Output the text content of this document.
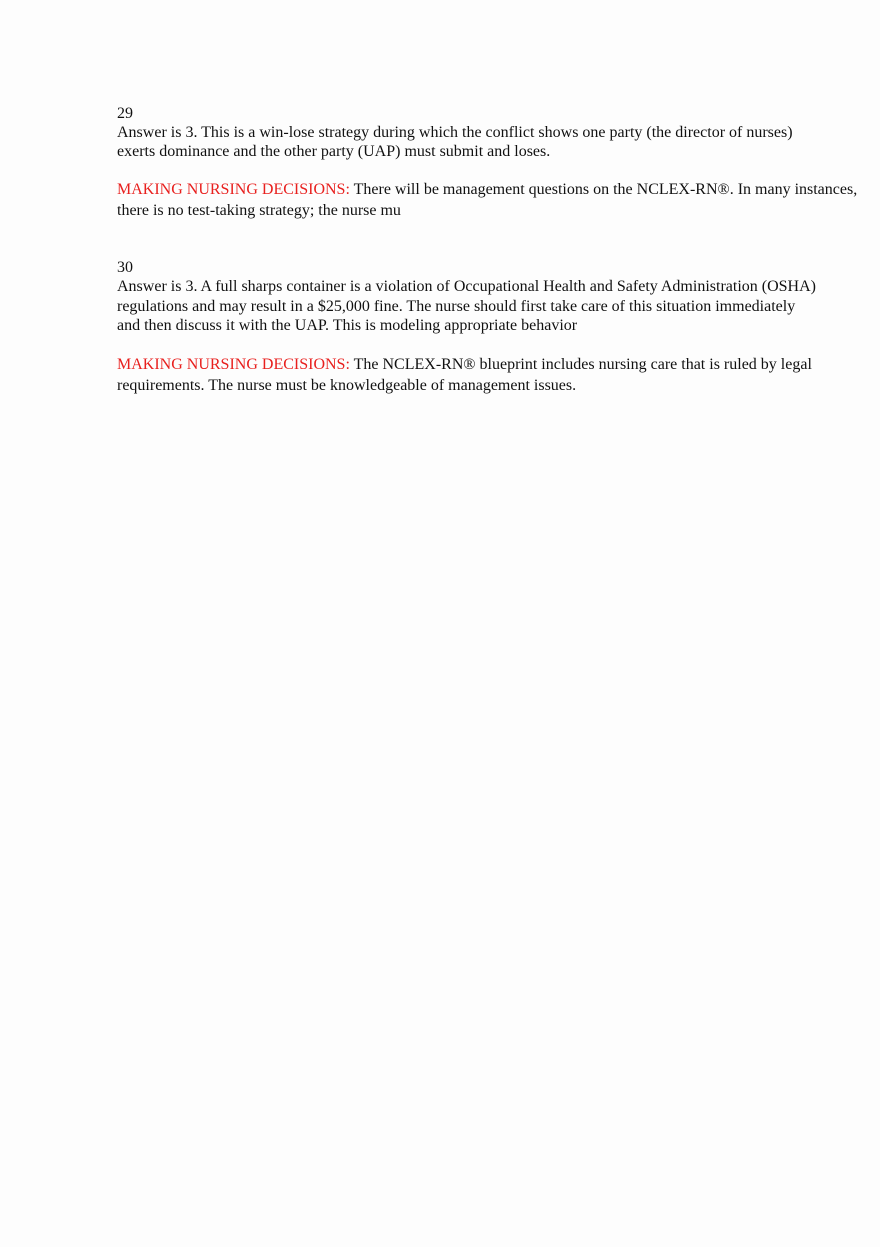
29
Answer is 3. This is a win-lose strategy during which the conflict shows one party (the director of nurses)
exerts dominance and the other party (UAP) must submit and loses.
MAKING NURSING DECISIONS: There will be management questions on the NCLEX-RN®. In many instances,
there is no test-taking strategy; the nurse mu
30
Answer is 3. A full sharps container is a violation of Occupational Health and Safety Administration (OSHA)
regulations and may result in a $25,000 fine. The nurse should first take care of this situation immediately
and then discuss it with the UAP. This is modeling appropriate behavior
MAKING NURSING DECISIONS: The NCLEX-RN® blueprint includes nursing care that is ruled by legal
requirements. The nurse must be knowledgeable of management issues.
